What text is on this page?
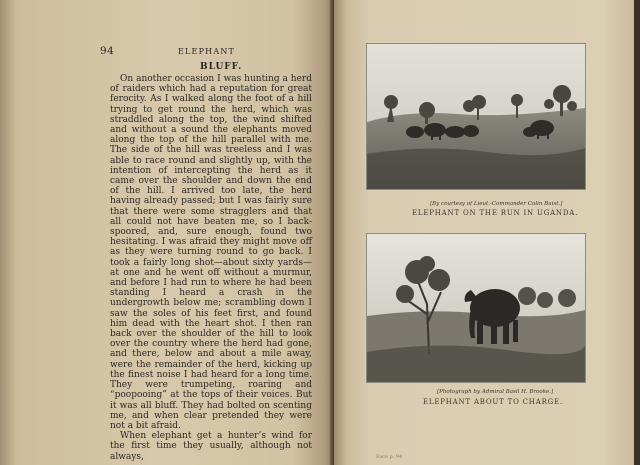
94	ELEPHANT
BLUFF.

On another occasion I was hunting a herd of raiders which had a reputation for great ferocity. As I walked along the foot of a hill trying to get round the herd, which was straddled along the top, the wind shifted and without a sound the elephants moved along the top of the hill parallel with me. The side of the hill was treeless and I was able to race round and slightly up, with the intention of intercepting the herd as it came over the shoulder and down the end of the hill. I arrived too late, the herd having already passed; but I was fairly sure that there were some stragglers and that all could not have beaten me, so I back-spoored, and, sure enough, found two hesitating. I was afraid they might move off as they were turning round to go back. I took a fairly long shot—about sixty yards—at one and he went off without a murmur, and before I had run to where he had been standing I heard a crash in the undergrowth below me; scrambling down I saw the soles of his feet first, and found him dead with the heart shot. I then ran back over the shoulder of the hill to look over the country where the herd had gone, and there, below and about a mile away, were the remainder of the herd, kicking up the finest noise I had heard for a long time. They were trumpeting, roaring and “poopooing” at the tops of their voices. But it was all bluff. They had bolted on scenting me, and when clear pretended they were not a bit afraid.

When elephant get a hunter’s wind for the first time they usually, although not always,

[By courtesy of Lieut.-Commander Colin Buist.]
ELEPHANT ON THE RUN IN UGANDA.
[Photograph by Admiral Basil H. Brooke.]
ELEPHANT ABOUT TO CHARGE.
Face p. 94
